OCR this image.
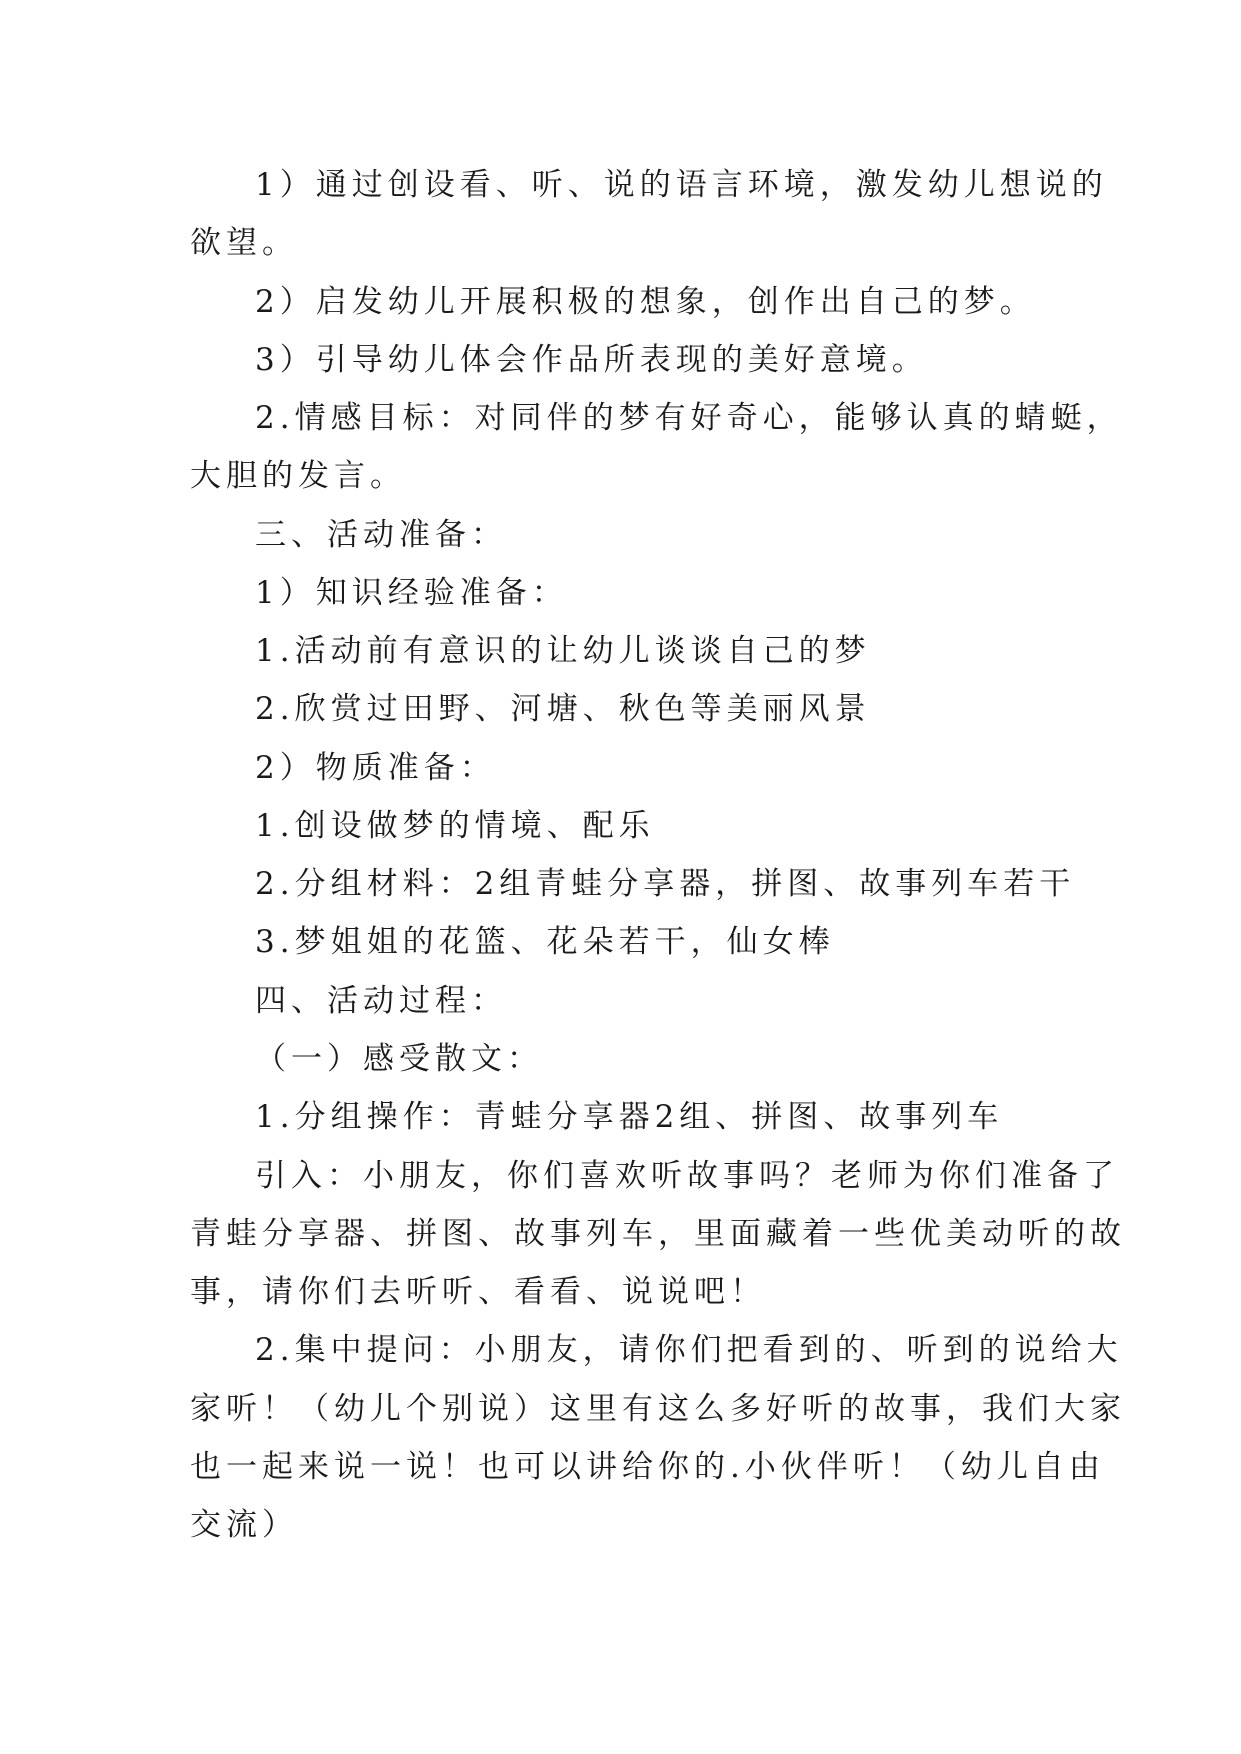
1）通过创设看、听、说的语言环境，激发幼儿想说的
欲望。
2）启发幼儿开展积极的想象，创作出自己的梦。
3）引导幼儿体会作品所表现的美好意境。
2.情感目标：对同伴的梦有好奇心，能够认真的蜻蜓，
大胆的发言。
三、活动准备：
1）知识经验准备：
1.活动前有意识的让幼儿谈谈自己的梦
2.欣赏过田野、河塘、秋色等美丽风景
2）物质准备：
1.创设做梦的情境、配乐
2.分组材料：2组青蛙分享器，拼图、故事列车若干
3.梦姐姐的花篮、花朵若干，仙女棒
四、活动过程：
（一）感受散文：
1.分组操作：青蛙分享器2组、拼图、故事列车
引入：小朋友，你们喜欢听故事吗？老师为你们准备了
青蛙分享器、拼图、故事列车，里面藏着一些优美动听的故
事，请你们去听听、看看、说说吧！
2.集中提问：小朋友，请你们把看到的、听到的说给大
家听！（幼儿个别说）这里有这么多好听的故事，我们大家
也一起来说一说！也可以讲给你的.小伙伴听！（幼儿自由
交流）
